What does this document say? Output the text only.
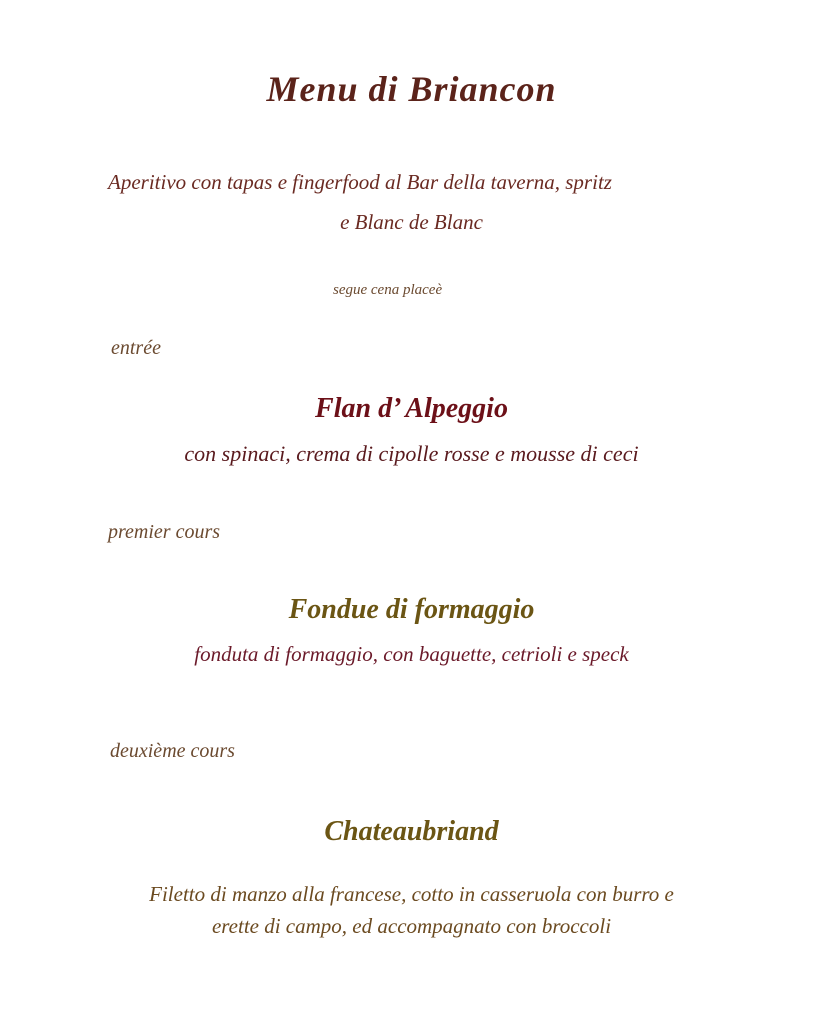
Menu di Briancon

Aperitivo con tapas e fingerfood al Bar della taverna, spritz

e Blanc de Blanc

segue cena placeè

entrée

Flan d’ Alpeggio

con spinaci, crema di cipolle rosse e mousse di ceci

premier cours

Fondue di formaggio

fonduta di formaggio, con baguette, cetrioli e speck

deuxième cours

Chateaubriand

Filetto di manzo alla francese, cotto in casseruola con burro e

erette di campo, ed accompagnato con broccoli
